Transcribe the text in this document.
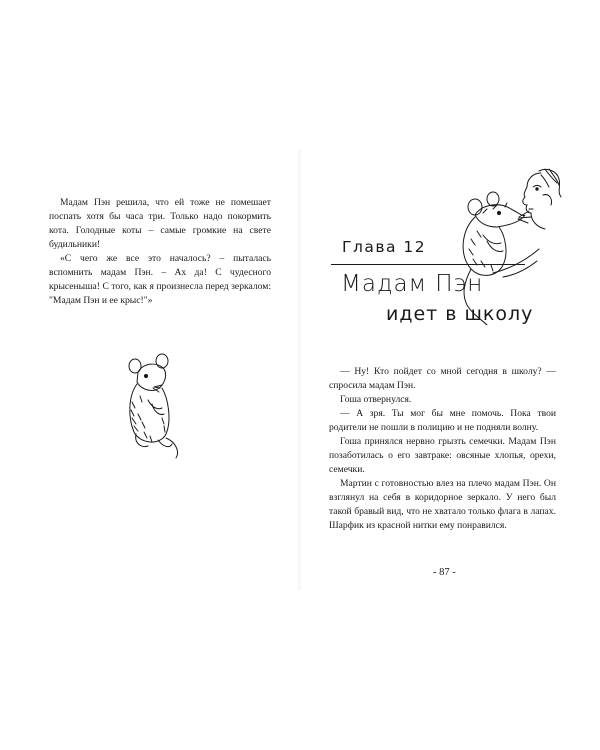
Мадам Пэн решила, что ей тоже не помешает поспать хотя бы часа три. Только надо покормить кота. Голодные коты – самые громкие на свете будильники!

«С чего же все это началось? – пыталась вспомнить мадам Пэн. – Ах да! С чудесного крысеныша! С того, как я произнесла перед зеркалом: "Мадам Пэн и ее крыс!"»

Глава 12
Мадам Пэн
идет в школу

— Ну! Кто пойдет со мной сегодня в школу? — спросила мадам Пэн.

Гоша отвернулся.

— А зря. Ты мог бы мне помочь. Пока твои родители не пошли в полицию и не подняли волну.

Гоша принялся нервно грызть семечки. Мадам Пэн позаботилась о его завтраке: овсяные хлопья, орехи, семечки.

Мартин с готовностью влез на плечо мадам Пэн. Он взглянул на себя в коридорное зеркало. У него был такой бравый вид, что не хватало только флага в лапах. Шарфик из красной нитки ему понравился.

- 87 -
